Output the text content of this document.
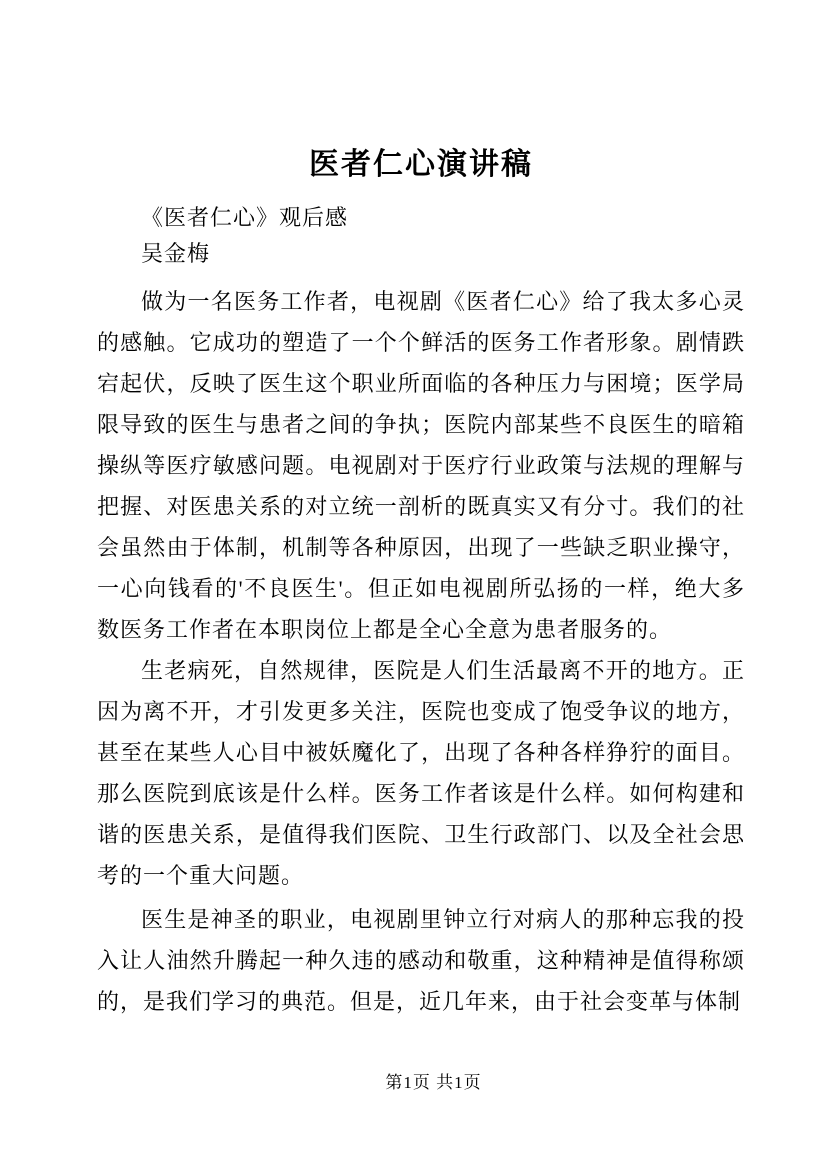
医者仁心演讲稿
《医者仁心》观后感
吴金梅

做为一名医务工作者，电视剧《医者仁心》给了我太多心灵的感触。它成功的塑造了一个个鲜活的医务工作者形象。剧情跌宕起伏，反映了医生这个职业所面临的各种压力与困境；医学局限导致的医生与患者之间的争执；医院内部某些不良医生的暗箱操纵等医疗敏感问题。电视剧对于医疗行业政策与法规的理解与把握、对医患关系的对立统一剖析的既真实又有分寸。我们的社会虽然由于体制，机制等各种原因，出现了一些缺乏职业操守，一心向钱看的'不良医生'。但正如电视剧所弘扬的一样，绝大多数医务工作者在本职岗位上都是全心全意为患者服务的。

生老病死，自然规律，医院是人们生活最离不开的地方。正因为离不开，才引发更多关注，医院也变成了饱受争议的地方，甚至在某些人心目中被妖魔化了，出现了各种各样狰狞的面目。那么医院到底该是什么样。医务工作者该是什么样。如何构建和谐的医患关系，是值得我们医院、卫生行政部门、以及全社会思考的一个重大问题。

医生是神圣的职业，电视剧里钟立行对病人的那种忘我的投入让人油然升腾起一种久违的感动和敬重，这种精神是值得称颂的，是我们学习的典范。但是，近几年来，由于社会变革与体制

第1页 共1页
